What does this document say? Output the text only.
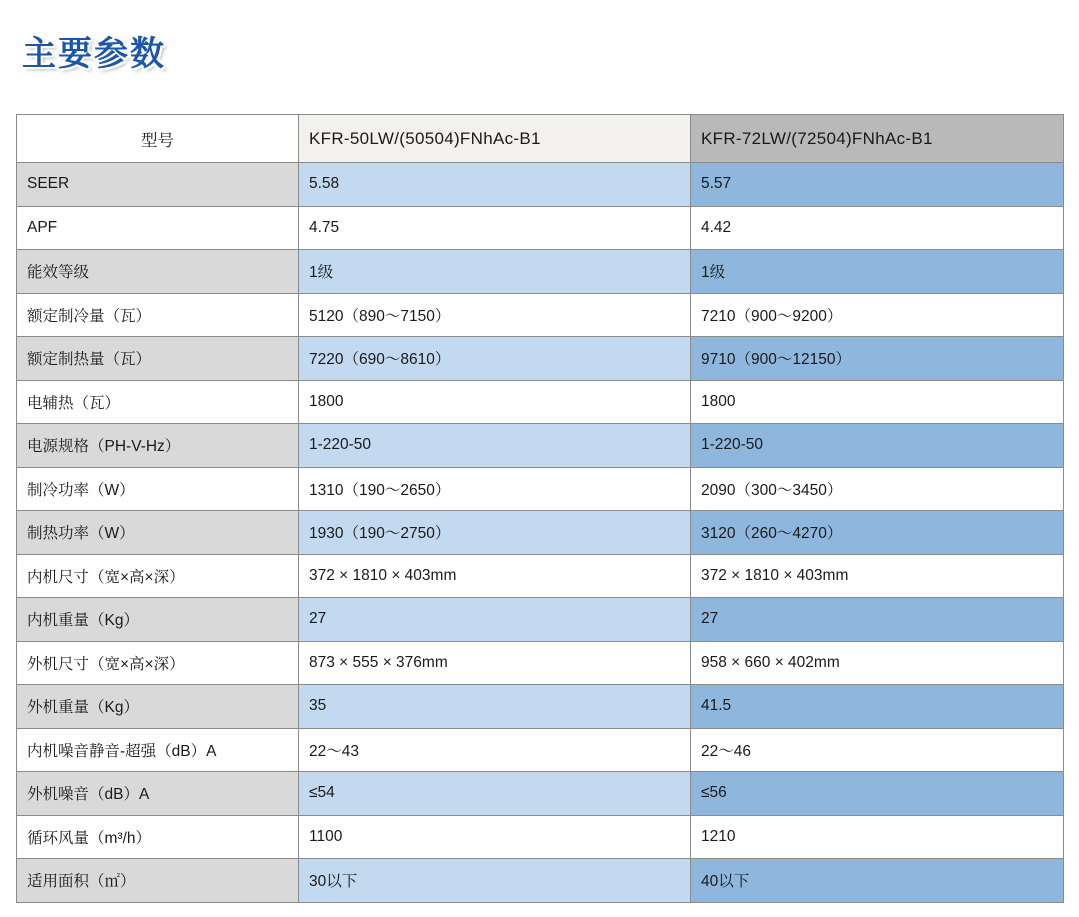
主要参数
型号	KFR-50LW/(50504)FNhAc-B1	KFR-72LW/(72504)FNhAc-B1
SEER	5.58	5.57
APF	4.75	4.42
能效等级	1级	1级
额定制冷量（瓦）	5120（890～7150）	7210（900～9200）
额定制热量（瓦）	7220（690～8610）	9710（900～12150）
电辅热（瓦）	1800	1800
电源规格（PH-V-Hz）	1-220-50	1-220-50
制冷功率（W）	1310（190～2650）	2090（300～3450）
制热功率（W）	1930（190～2750）	3120（260～4270）
内机尺寸（宽×高×深）	372 × 1810 × 403mm	372 × 1810 × 403mm
内机重量（Kg）	27	27
外机尺寸（宽×高×深）	873 × 555 × 376mm	958 × 660 × 402mm
外机重量（Kg）	35	41.5
内机噪音静音-超强（dB）A	22～43	22～46
外机噪音（dB）A	≤54	≤56
循环风量（m³/h）	1100	1210
适用面积（㎡）	30以下	40以下
